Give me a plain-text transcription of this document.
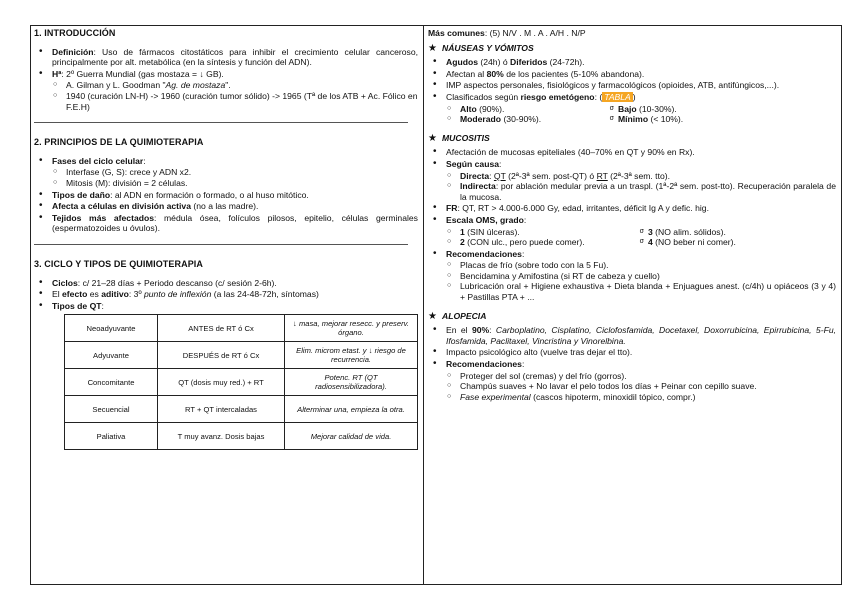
1. INTRODUCCIÓN
• Definición: Uso de fármacos citostáticos para inhibir el crecimiento celular canceroso, principalmente por alt. metabólica (en la síntesis y función del ADN).
• Hª: 2º Guerra Mundial (gas mostaza = ↓ GB).
○ A. Gilman y L. Goodman "Ag. de mostaza".
○ 1940 (curación LN-H) -> 1960 (curación tumor sólido) -> 1965 (Tª de los ATB + Ac. Fólico en F.E.H)
2. PRINCIPIOS DE LA QUIMIOTERAPIA
• Fases del ciclo celular:
○ Interfase (G, S): crece y ADN x2.
○ Mitosis (M): división = 2 células.
• Tipos de daño: al ADN en formación o formado, o al huso mitótico.
• Afecta a células en división activa (no a las madre).
• Tejidos más afectados: médula ósea, folículos pilosos, epitelio, células germinales (espermatozoides u óvulos).
3. CICLO Y TIPOS DE QUIMIOTERAPIA
• Ciclos: c/ 21–28 días + Periodo descanso (c/ sesión 2-6h).
• El efecto es aditivo: 3º punto de inflexión (a las 24-48-72h, síntomas)
• Tipos de QT:
Neoadyuvante	ANTES de RT ó Cx	↓ masa, mejorar resecc. y preserv. órgano.
Adyuvante	DESPUÉS de RT ó Cx	Elim. microm etast. y ↓ riesgo de recurrencia.
Concomitante	QT (dosis muy red.) + RT	Potenc. RT (QT radiosensibilizadora).
Secuencial	RT + QT intercaladas	Alterminar una, empieza la otra.
Paliativa	T muy avanz. Dosis bajas	Mejorar calidad de vida.
Más comunes: (5) N/V . M . A . A/H . N/P
★ NÁUSEAS Y VÓMITOS
• Agudos (24h) ó Diferidos (24-72h).
• Afectan al 80% de los pacientes (5-10% abandona).
• IMP aspectos personales, fisiológicos y farmacológicos (opioides, ATB, antifúngicos,...).
• Clasificados según riesgo emetógeno: ( TABLA )
○ Alto (90%).	σ Bajo (10-30%).
○ Moderado (30-90%).	σ Mínimo (< 10%).
★ MUCOSITIS
• Afectación de mucosas epiteliales (40–70% en QT y 90% en Rx).
• Según causa:
○ Directa: QT (2ª-3ª sem. post-QT) ó RT (2ª-3ª sem. tto).
○ Indirecta: por ablación medular previa a un traspl. (1ª-2ª sem. post-tto). Recuperación paralela de la mucosa.
• FR: QT, RT > 4.000-6.000 Gy, edad, irritantes, déficit Ig A y defic. hig.
• Escala OMS, grado:
○ 1 (SIN úlceras).	σ 3 (NO alim. sólidos).
○ 2 (CON ulc., pero puede comer).	σ 4 (NO beber ni comer).
• Recomendaciones:
○ Placas de frío (sobre todo con la 5 Fu).
○ Bencidamina y Amifostina (si RT de cabeza y cuello)
○ Lubricación oral + Higiene exhaustiva + Dieta blanda + Enjuagues anest. (c/4h) u opiáceos (3 y 4) + Pastillas PTA + ...
★ ALOPECIA
• En el 90%: Carboplatino, Cisplatino, Ciclofosfamida, Docetaxel, Doxorrubicina, Epirrubicina, 5-Fu, Ifosfamida, Paclitaxel, Vincristina y Vinorelbina.
• Impacto psicológico alto (vuelve tras dejar el tto).
• Recomendaciones:
○ Proteger del sol (cremas) y del frío (gorros).
○ Champús suaves + No lavar el pelo todos los días + Peinar con cepillo suave.
○ Fase experimental (cascos hipoterm, minoxidil tópico, compr.)
